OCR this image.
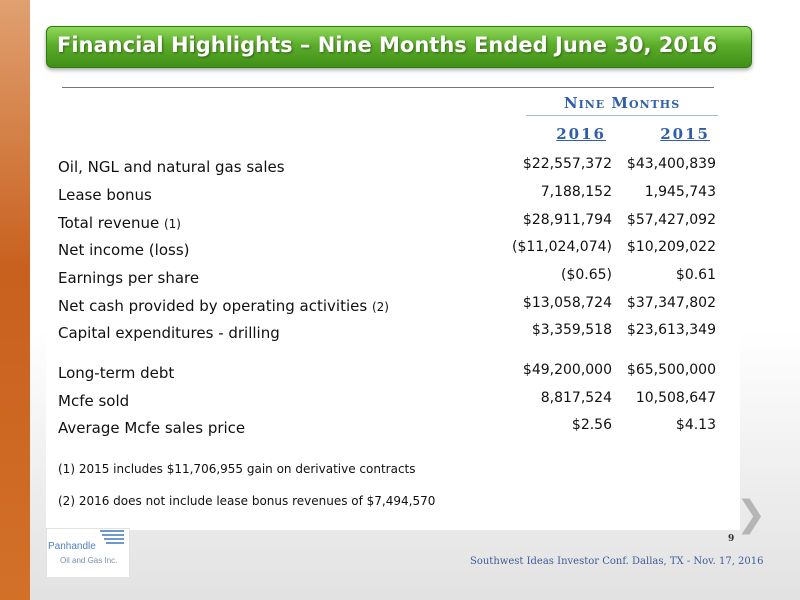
Financial Highlights – Nine Months Ended June 30, 2016
Nine Months
2016	2015
Oil, NGL and natural gas sales	$22,557,372	$43,400,839
Lease bonus	7,188,152	1,945,743
Total revenue (1)	$28,911,794	$57,427,092
Net income (loss)	($11,024,074)	$10,209,022
Earnings per share	($0.65)	$0.61
Net cash provided by operating activities (2)	$13,058,724	$37,347,802
Capital expenditures - drilling	$3,359,518	$23,613,349
Long-term debt	$49,200,000	$65,500,000
Mcfe sold	8,817,524	10,508,647
Average Mcfe sales price	$2.56	$4.13
(1) 2015 includes $11,706,955 gain on derivative contracts
(2) 2016 does not include lease bonus revenues of $7,494,570	❯
9
Panhandle
Oil and Gas Inc.	Southwest Ideas Investor Conf. Dallas, TX - Nov. 17, 2016
